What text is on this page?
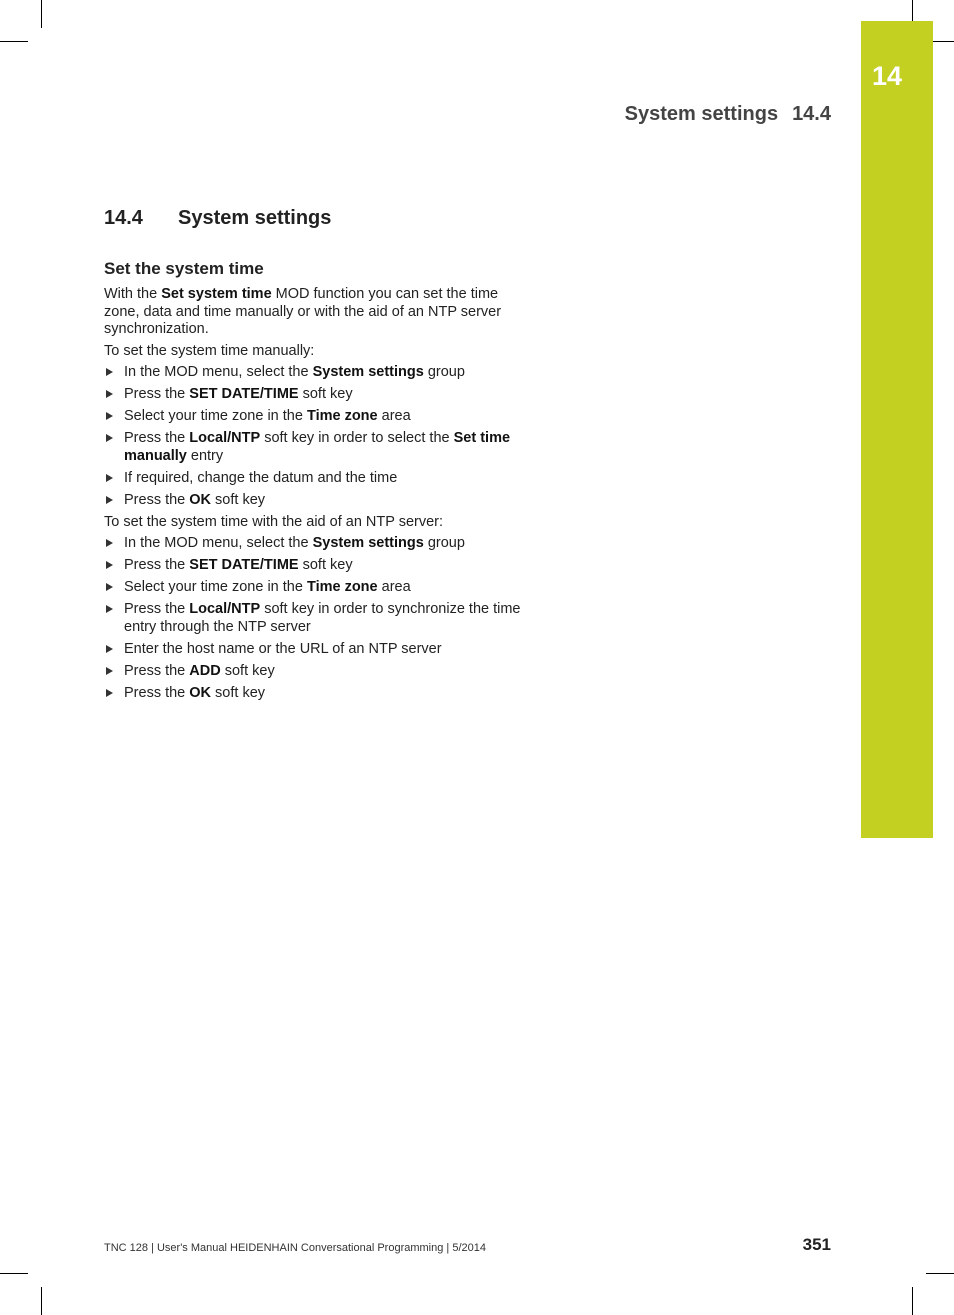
14
System settings 14.4
14.4 System settings
Set the system time

With the Set system time MOD function you can set the time zone, data and time manually or with the aid of an NTP server synchronization.

To set the system time manually:

In the MOD menu, select the System settings group
Press the SET DATE/TIME soft key
Select your time zone in the Time zone area
Press the Local/NTP soft key in order to select the Set time manually entry
If required, change the datum and the time
Press the OK soft key

To set the system time with the aid of an NTP server:

In the MOD menu, select the System settings group
Press the SET DATE/TIME soft key
Select your time zone in the Time zone area
Press the Local/NTP soft key in order to synchronize the time entry through the NTP server
Enter the host name or the URL of an NTP server
Press the ADD soft key
Press the OK soft key
TNC 128 | User's Manual HEIDENHAIN Conversational Programming | 5/2014	351
